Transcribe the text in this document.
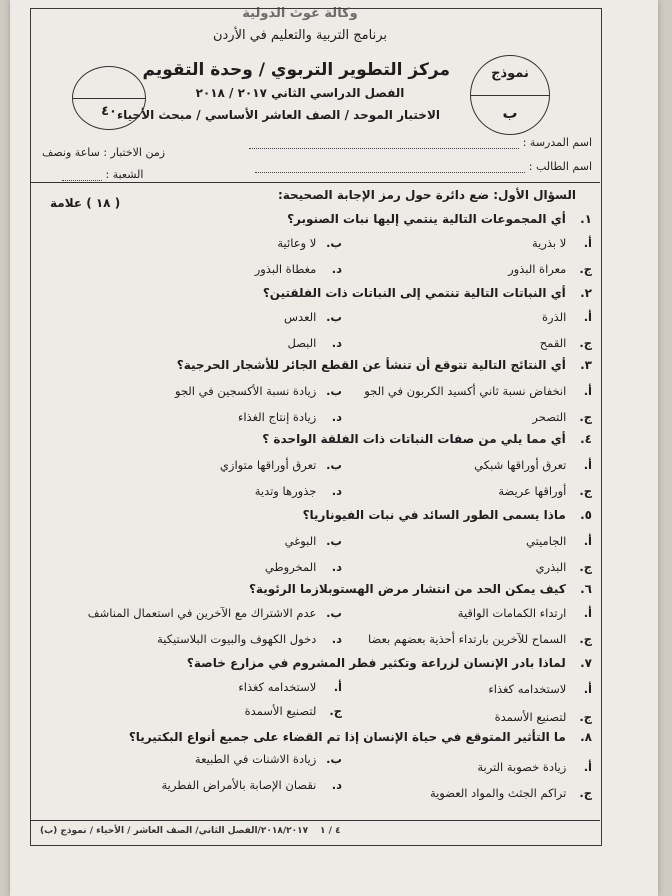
وكالة غوث الدولية
برنامج التربية والتعليم في الأردن
مركز التطوير التربوي / وحدة التقويم
الفصل الدراسي الثاني ٢٠١٧ / ٢٠١٨
الاختبار الموحد / الصف العاشر الأساسي / مبحث الأحياء
نموذج
ب
٤٠
اسم المدرسة :
اسم الطالب :
زمن الاختبار : ساعة ونصف
الشعبة :
السؤال الأول: ضع دائرة حول رمز الإجابة الصحيحة:
( ١٨ ) علامة
١. أي المجموعات التالية ينتمي إليها نبات الصنوبر؟
أ. لا بذرية
ب. لا وعائية
ج. معراة البذور
د. مغطاة البذور
٢. أي النباتات التالية تنتمي إلى النباتات ذات الفلقتين؟
أ. الذرة
ب. العدس
ج. القمح
د. البصل
٣. أي النتائج التالية تتوقع أن تنشأ عن القطع الجائر للأشجار الحرجية؟
أ. انخفاض نسبة ثاني أكسيد الكربون في الجو
ب. زيادة نسبة الأكسجين في الجو
ج. التصحر
د. زيادة إنتاج الغذاء
٤. أي مما يلي من صفات النباتات ذات الفلقة الواحدة ؟
أ. تعرق أوراقها شبكي
ب. تعرق أوراقها متوازي
ج. أوراقها عريضة
د. جذورها وتدية
٥. ماذا يسمى الطور السائد في نبات الفيوناريا؟
أ. الجاميتي
ب. البوغي
ج. البذري
د. المخروطي
٦. كيف يمكن الحد من انتشار مرض الهستوبلازما الرئوية؟
أ. ارتداء الكمامات الواقية
ب. عدم الاشتراك مع الآخرين في استعمال المناشف
ج. السماح للآخرين بارتداء أحذية بعضهم بعضا
د. دخول الكهوف والبيوت البلاستيكية
٧. لماذا بادر الإنسان لزراعة وتكثير فطر المشروم في مزارع خاصة؟
أ. لاستخدامه كغذاء
أ. لاستخدامه كغذاء
ج. لتصنيع الأسمدة
ج. لتصنيع الأسمدة
٨. ما التأثير المتوقع في حياة الإنسان إذا تم القضاء على جميع أنواع البكتيريا؟
أ. زيادة خصوبة التربة
ب. زيادة الاشنات في الطبيعة
ج. تراكم الجثث والمواد العضوية
د. نقصان الإصابة بالأمراض الفطرية
٤ / ١
٢٠١٨/٢٠١٧/الفصل الثاني/ الصف العاشر / الأحياء / نموذج (ب)
